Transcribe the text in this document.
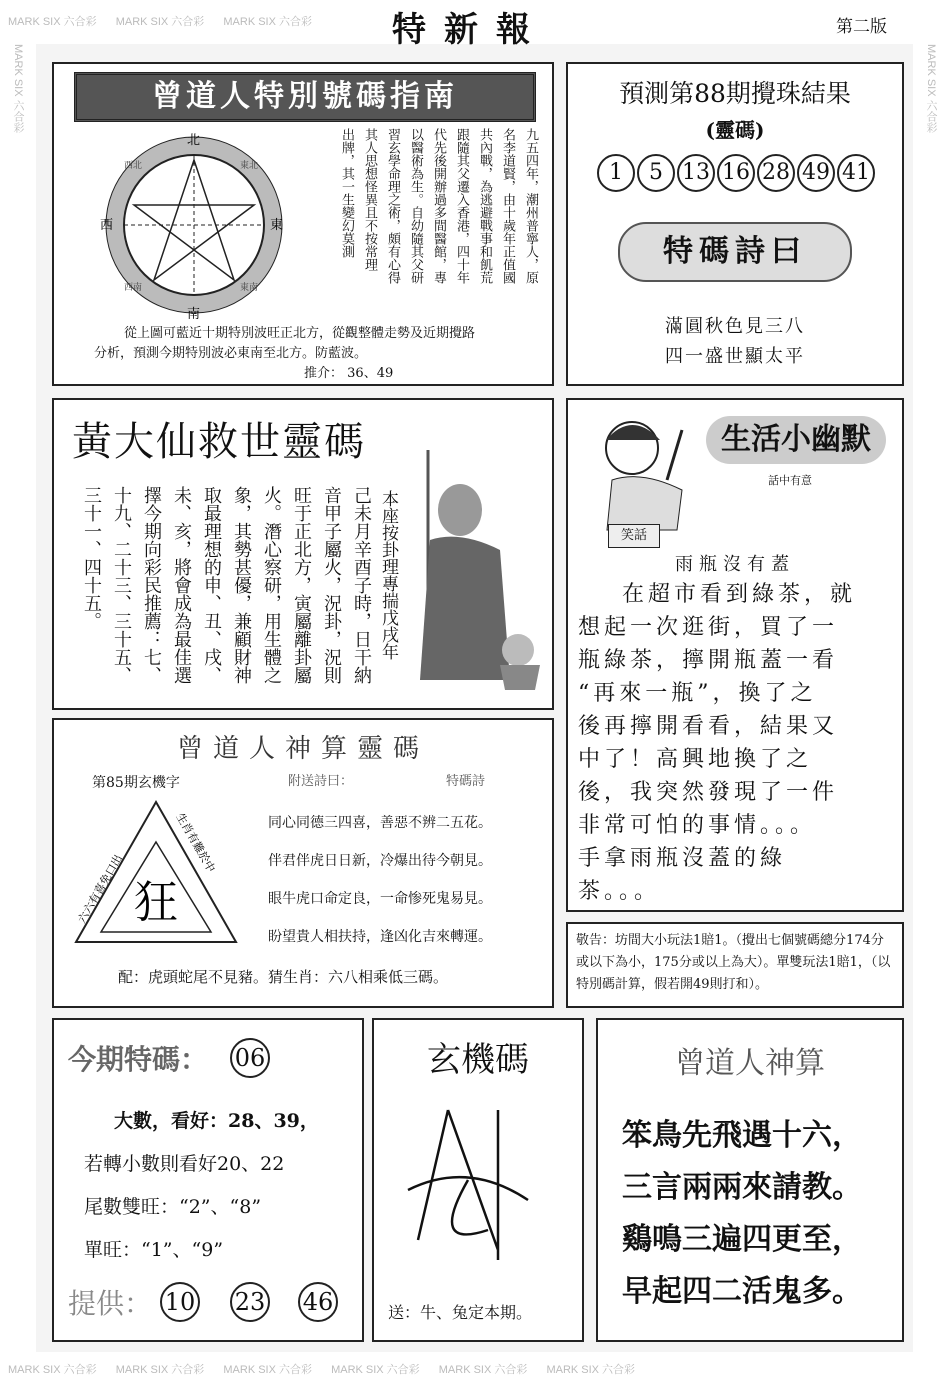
MARK SIX 六合彩 MARK SIX 六合彩 MARK SIX 六合彩
MARK SIX 六合彩 MARK SIX 六合彩 MARK SIX 六合彩 MARK SIX 六合彩 MARK SIX 六合彩 MARK SIX 六合彩
MARK SIX 六合彩	MARK SIX 六合彩
特新報	第二版
曾道人特別號碼指南
北
南
東
西
東北
西北
東南
西南
九五四年，潮州普寧人，原
名李道賢，由十歲年正值國
共內戰，為逃避戰事和飢荒
跟隨其父遷入香港，四十年
代先後開辦過多間醫館，專
以醫術為生。自幼隨其父研
習玄學命理之術，頗有心得
其人思想怪異且不按常理
出牌，其一生變幻莫測
從上圖可藍近十期特別波旺正北方，從觀整體走勢及近期攪路
分析，預測今期特別波必東南至北方。防藍波。
推介： 36、49
預測第88期攪珠結果
(靈碼)
1 5 13 16 28 49 41
特碼詩曰
滿圓秋色見三八
四一盛世顯太平
黃大仙救世靈碼
本座按卦理專揣戊戌年
己未月辛酉子時，日干納
音甲子屬火，況卦，況則
旺于正北方，寅屬離卦屬
火。潛心察研，用生體之
象，其勢甚優，兼顧財神
取最理想的申、丑、戌、
未、亥，將會成為最佳選
擇今期向彩民推薦：七、
十九、二十三、三十五、
三十一、四十五。	笑話
生活小幽默
話中有意
雨瓶沒有蓋
在超市看到綠茶，就
想起一次逛街，買了一
瓶綠茶，擰開瓶蓋一看
“再來一瓶”，換了之
後再擰開看看，結果又
中了！高興地換了之
後，我突然發現了一件
非常可怕的事情。。。
手拿雨瓶沒蓋的綠
茶。。。
敬告：坊間大小玩法1賠1。（攪出七個號碼總分174分或以下為小，175分或以上為大）。單雙玩法1賠1，（以特別碼計算，假若開49則打和）。
曾道人神算靈碼
第85期玄機字	附送詩曰：	特碼詩
狂
六六有喜免口出
生肖有難於中	同心同德三四喜，善惡不辨二五花。
伴君伴虎日日新，冷爆出待今朝見。
眼牛虎口命定良，一命惨死鬼易見。
盼望貴人相扶持，逢凶化吉來轉運。
配：虎頭蛇尾不見豬。猜生肖：六八相乘低三碼。
今期特碼： 06
大數，看好：28、39，
若轉小數則看好20、22
尾數雙旺：“2”、“8”
單旺：“1”、“9”
提供： 10 23 46
玄機碼
送：牛、兔定本期。
曾道人神算
笨鳥先飛遇十六，
三言兩兩來請教。
鷄鳴三遍四更至，
早起四二活鬼多。
